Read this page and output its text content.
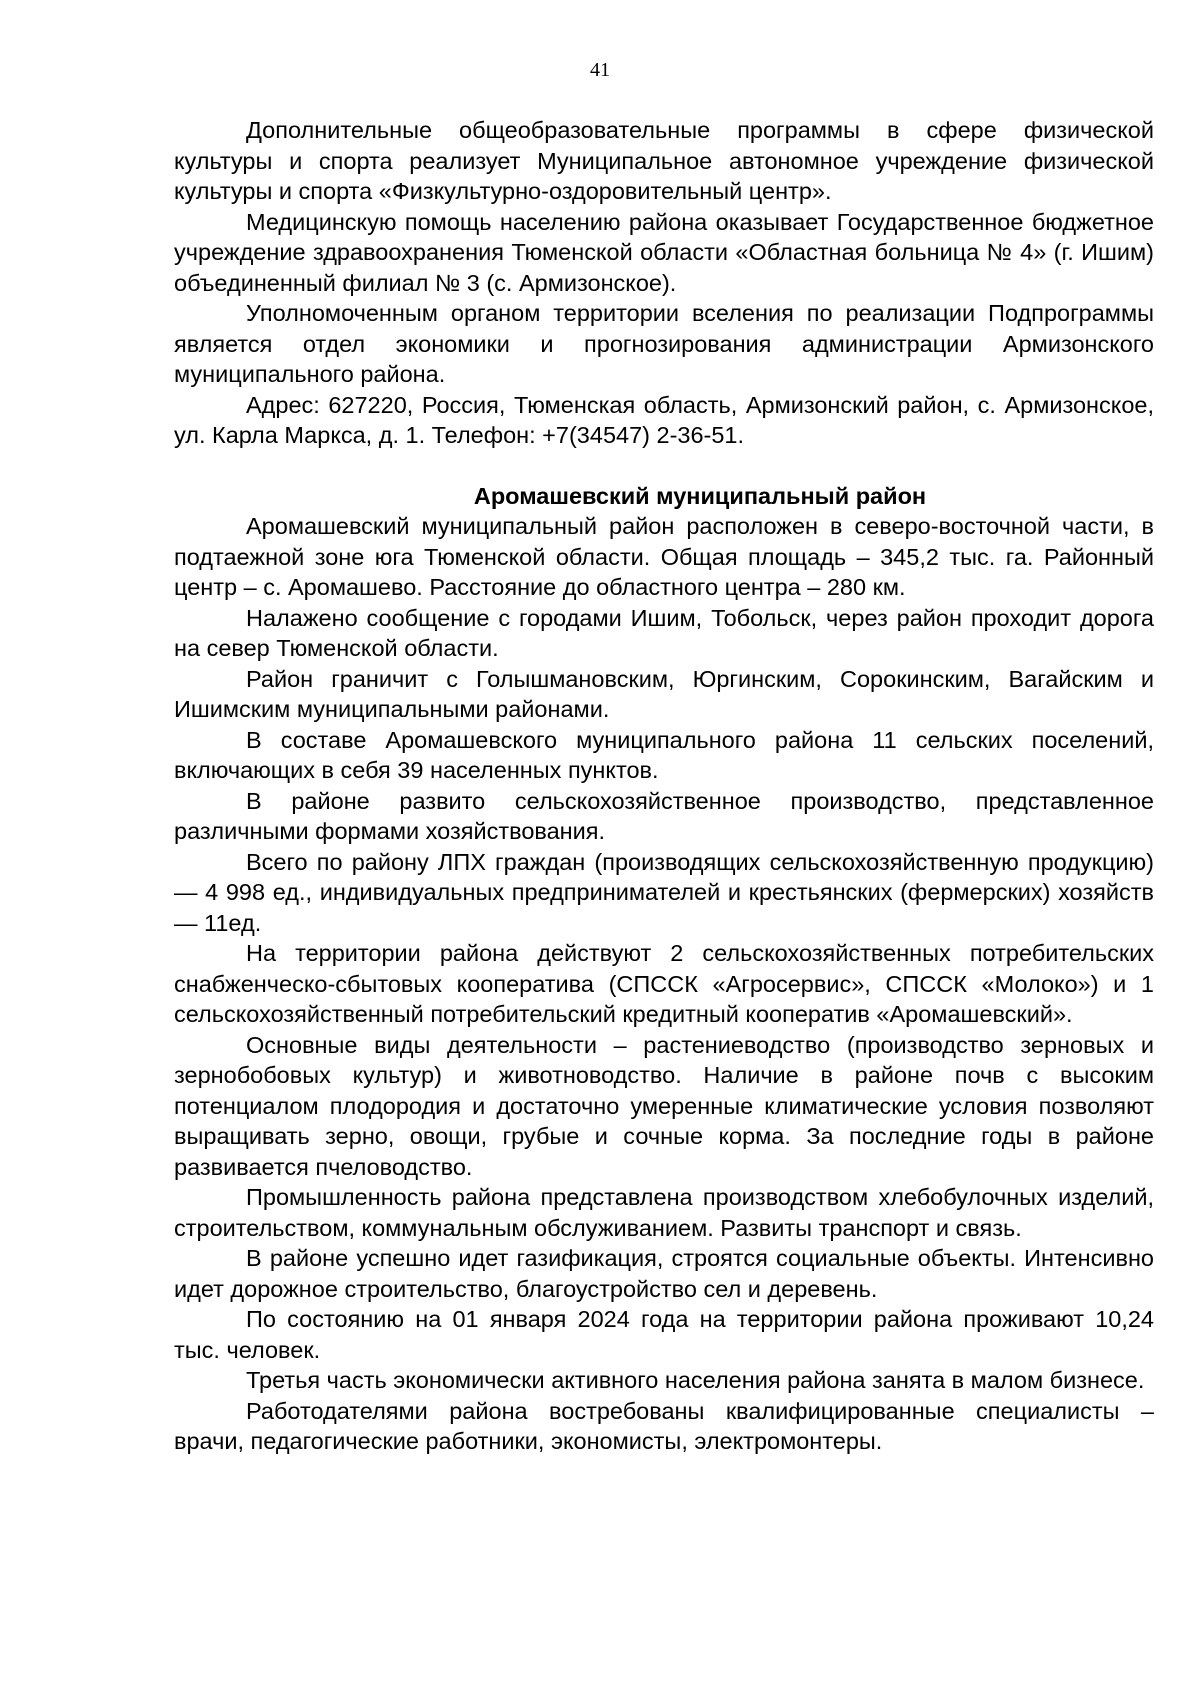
41

Дополнительные общеобразовательные программы в сфере физической культуры и спорта реализует Муниципальное автономное учреждение физической культуры и спорта «Физкультурно-оздоровительный центр».

Медицинскую помощь населению района оказывает Государственное бюджетное учреждение здравоохранения Тюменской области «Областная больница № 4» (г. Ишим) объединенный филиал № 3 (с. Армизонское).

Уполномоченным органом территории вселения по реализации Подпрограммы является отдел экономики и прогнозирования администрации Армизонского муниципального района.

Адрес: 627220, Россия, Тюменская область, Армизонский район, с. Армизонское, ул. Карла Маркса, д. 1. Телефон: +7(34547) 2-36-51.

Аромашевский муниципальный район

Аромашевский муниципальный район расположен в северо-восточной части, в подтаежной зоне юга Тюменской области. Общая площадь – 345,2 тыс. га. Районный центр – с. Аромашево. Расстояние до областного центра – 280 км.

Налажено сообщение с городами Ишим, Тобольск, через район проходит дорога на север Тюменской области.

Район граничит с Голышмановским, Юргинским, Сорокинским, Вагайским и Ишимским муниципальными районами.

В составе Аромашевского муниципального района 11 сельских поселений, включающих в себя 39 населенных пунктов.

В районе развито сельскохозяйственное производство, представленное различными формами хозяйствования.

Всего по району ЛПХ граждан (производящих сельскохозяйственную продукцию) — 4 998 ед., индивидуальных предпринимателей и крестьянских (фермерских) хозяйств — 11ед.

На территории района действуют 2 сельскохозяйственных потребительских снабженческо-сбытовых кооператива (СПССК «Агросервис», СПССК «Молоко») и 1 сельскохозяйственный потребительский кредитный кооператив «Аромашевский».

Основные виды деятельности – растениеводство (производство зерновых и зернобобовых культур) и животноводство. Наличие в районе почв с высоким потенциалом плодородия и достаточно умеренные климатические условия позволяют выращивать зерно, овощи, грубые и сочные корма. За последние годы в районе развивается пчеловодство.

Промышленность района представлена производством хлебобулочных изделий, строительством, коммунальным обслуживанием. Развиты транспорт и связь.

В районе успешно идет газификация, строятся социальные объекты. Интенсивно идет дорожное строительство, благоустройство сел и деревень.

По состоянию на 01 января 2024 года на территории района проживают 10,24 тыс. человек.

Третья часть экономически активного населения района занята в малом бизнесе.

Работодателями района востребованы квалифицированные специалисты – врачи, педагогические работники, экономисты, электромонтеры.
